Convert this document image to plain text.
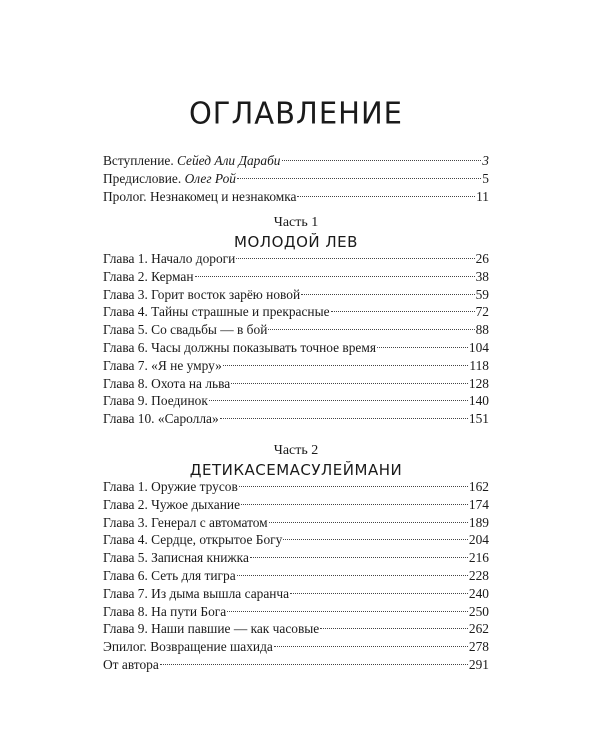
ОГЛАВЛЕНИЕ
Вступление. Сейед Али Дараби	3
Предисловие. Олег Рой	5
Пролог. Незнакомец и незнакомка	11
Часть 1
МОЛОДОЙ ЛЕВ
Глава 1. Начало дороги	26
Глава 2. Керман	38
Глава 3. Горит восток зарёю новой	59
Глава 4. Тайны страшные и прекрасные	72
Глава 5. Со свадьбы — в бой	88
Глава 6. Часы должны показывать точное время	104
Глава 7. «Я не умру»	118
Глава 8. Охота на льва	128
Глава 9. Поединок	140
Глава 10. «Саролла»	151
Часть 2
ДЕТИКАСЕМАСУЛЕЙМАНИ
Глава 1. Оружие трусов	162
Глава 2. Чужое дыхание	174
Глава 3. Генерал с автоматом	189
Глава 4. Сердце, открытое Богу	204
Глава 5. Записная книжка	216
Глава 6. Сеть для тигра	228
Глава 7. Из дыма вышла саранча	240
Глава 8. На пути Бога	250
Глава 9. Наши павшие — как часовые	262
Эпилог. Возвращение шахида	278
От автора	291
